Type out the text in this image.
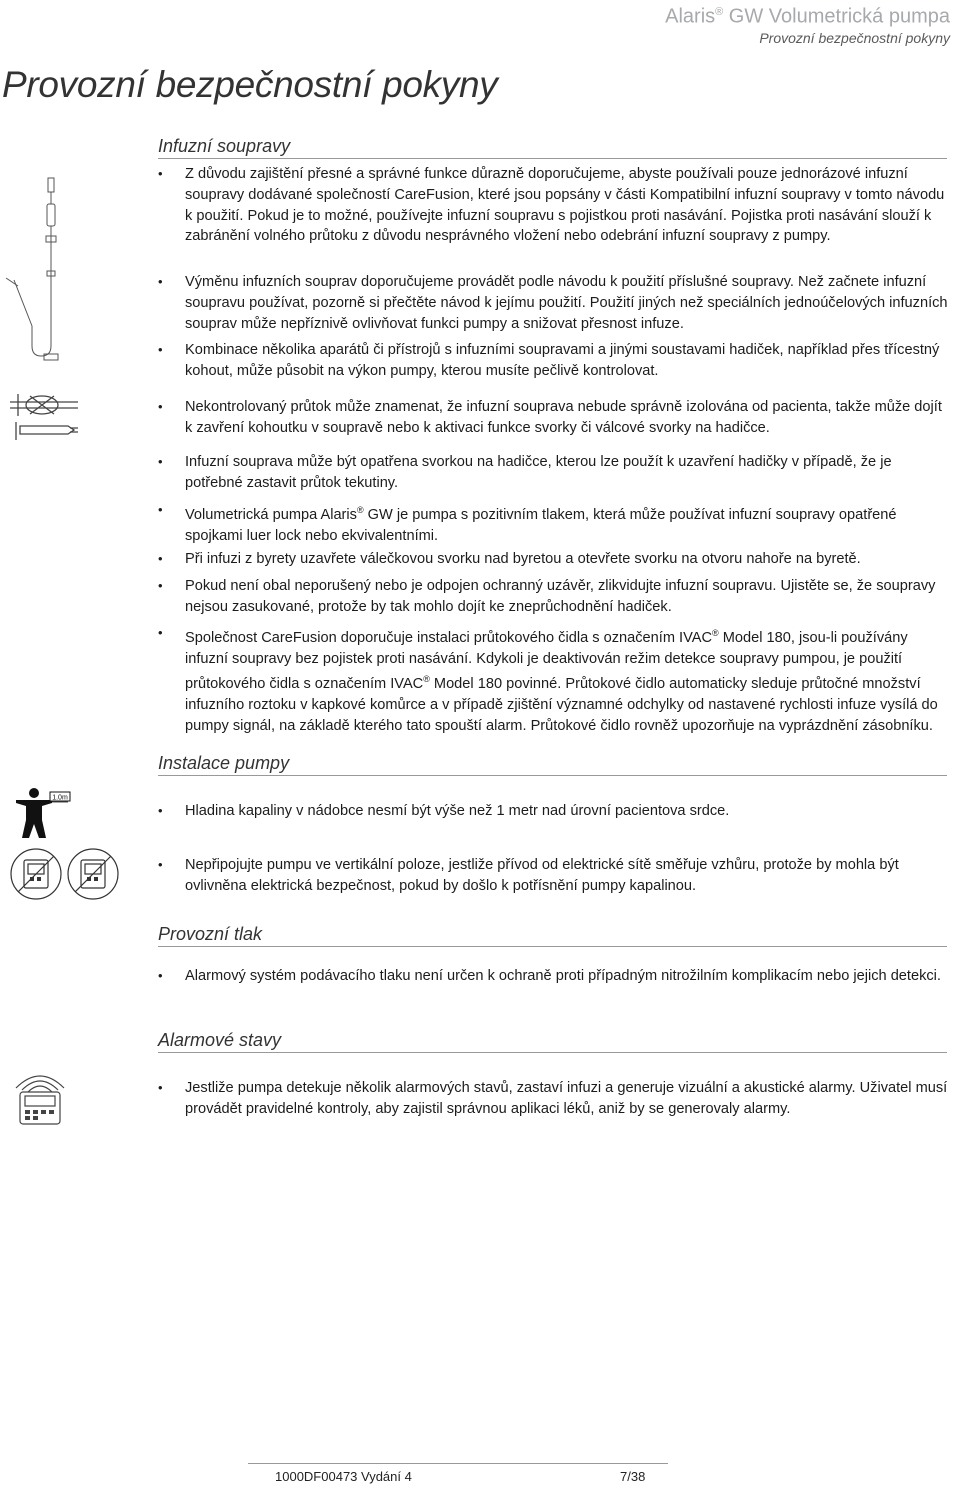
Alaris® GW Volumetrická pumpa
Provozní bezpečnostní pokyny
Provozní bezpečnostní pokyny
Infuzní soupravy
• Z důvodu zajištění přesné a správné funkce důrazně doporučujeme, abyste používali pouze jednorázové infuzní soupravy dodávané společností CareFusion, které jsou popsány v části Kompatibilní infuzní soupravy v tomto návodu k použití. Pokud je to možné, používejte infuzní soupravu s pojistkou proti nasávání. Pojistka proti nasávání slouží k zabránění volného průtoku z důvodu nesprávného vložení nebo odebrání infuzní soupravy z pumpy.
• Výměnu infuzních souprav doporučujeme provádět podle návodu k použití příslušné soupravy. Než začnete infuzní soupravu používat, pozorně si přečtěte návod k jejímu použití. Použití jiných než speciálních jednoúčelových infuzních souprav může nepříznivě ovlivňovat funkci pumpy a snižovat přesnost infuze.
• Kombinace několika aparátů či přístrojů s infuzními soupravami a jinými soustavami hadiček, například přes třícestný kohout, může působit na výkon pumpy, kterou musíte pečlivě kontrolovat.
• Nekontrolovaný průtok může znamenat, že infuzní souprava nebude správně izolována od pacienta, takže může dojít k zavření kohoutku v soupravě nebo k aktivaci funkce svorky či válcové svorky na hadičce.
• Infuzní souprava může být opatřena svorkou na hadičce, kterou lze použít k uzavření hadičky v případě, že je potřebné zastavit průtok tekutiny.
• Volumetrická pumpa Alaris® GW je pumpa s pozitivním tlakem, která může používat infuzní soupravy opatřené spojkami luer lock nebo ekvivalentními.
• Při infuzi z byrety uzavřete válečkovou svorku nad byretou a otevřete svorku na otvoru nahoře na byretě.
• Pokud není obal neporušený nebo je odpojen ochranný uzávěr, zlikvidujte infuzní soupravu. Ujistěte se, že soupravy nejsou zasukované, protože by tak mohlo dojít ke zneprůchodnění hadiček.
• Společnost CareFusion doporučuje instalaci průtokového čidla s označením IVAC® Model 180, jsou-li používány infuzní soupravy bez pojistek proti nasávání. Kdykoli je deaktivován režim detekce soupravy pumpou, je použití průtokového čidla s označením IVAC® Model 180 povinné. Průtokové čidlo automaticky sleduje průtočné množství infuzního roztoku v kapkové komůrce a v případě zjištění významné odchylky od nastavené rychlosti infuze vysílá do pumpy signál, na základě kterého tato spouští alarm. Průtokové čidlo rovněž upozorňuje na vyprázdnění zásobníku.
Instalace pumpy
1.0m
• Hladina kapaliny v nádobce nesmí být výše než 1 metr nad úrovní pacientova srdce.
• Nepřipojujte pumpu ve vertikální poloze, jestliže přívod od elektrické sítě směřuje vzhůru, protože by mohla být ovlivněna elektrická bezpečnost, pokud by došlo k potřísnění pumpy kapalinou.
Provozní tlak
• Alarmový systém podávacího tlaku není určen k ochraně proti případným nitrožilním komplikacím nebo jejich detekci.
Alarmové stavy
• Jestliže pumpa detekuje několik alarmových stavů, zastaví infuzi a generuje vizuální a akustické alarmy. Uživatel musí provádět pravidelné kontroly, aby zajistil správnou aplikaci léků, aniž by se generovaly alarmy.
1000DF00473 Vydání 4	7/38
